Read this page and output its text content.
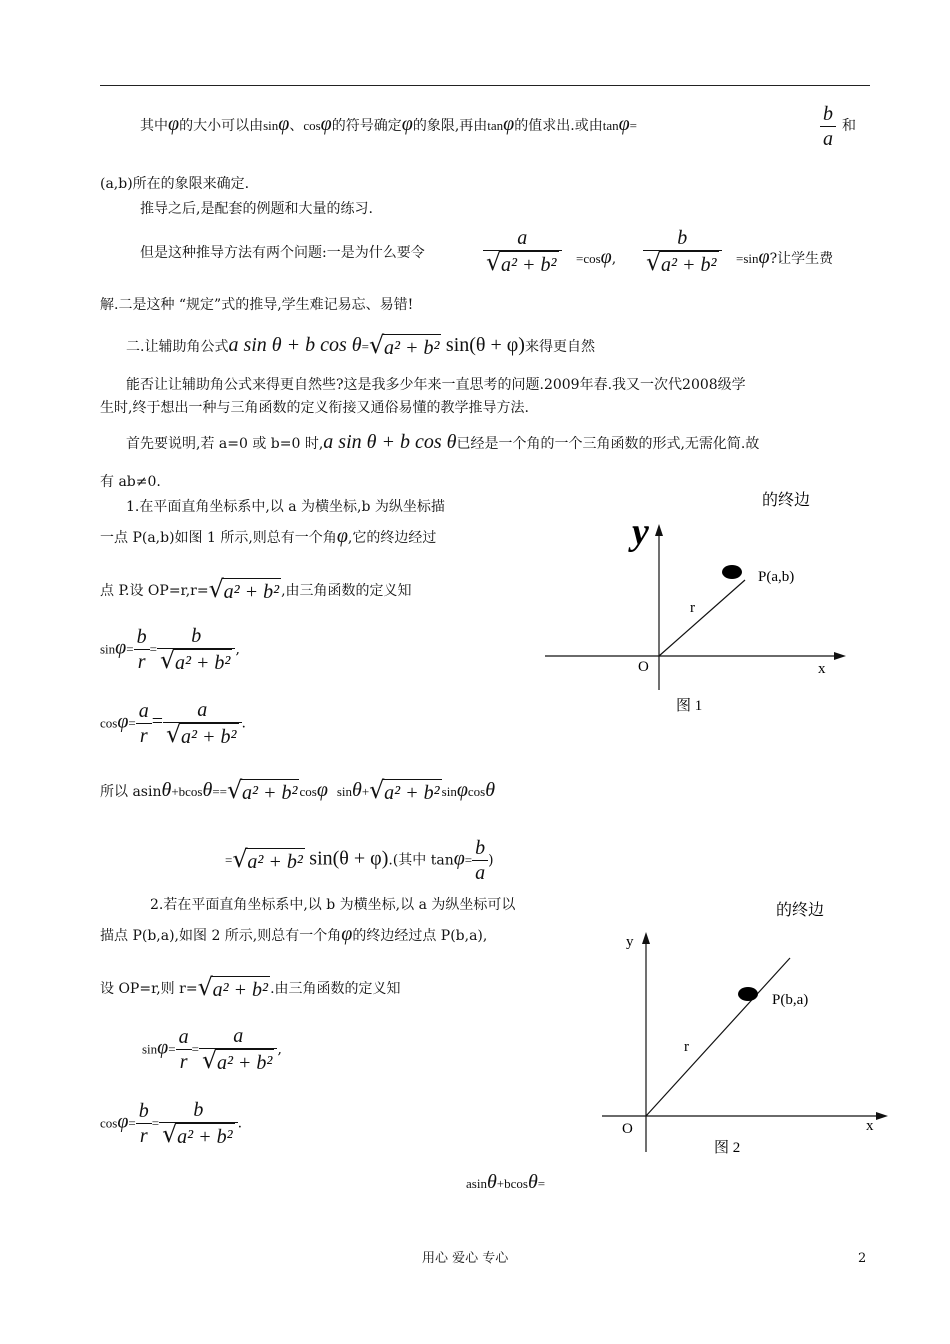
其中φ的大小可以由sinφ、cosφ的符号确定φ的象限,再由tanφ的值求出.或由tanφ=	$\frac{b}{a}$ 和
(a,b)所在的象限来确定.
推导之后,是配套的例题和大量的练习.
但是这种推导方法有两个问题:一是为什么要令	$\frac{a}{\text{√ a² + b²}} =\cos\varphi$, $\frac{b}{\text{√ a² + b²}} =\sin\varphi$?让学生费
解.二是这种 “规定”式的推导,学生难记易忘、易错!
二.让辅助角公式a sin θ + b cos θ= √ a² + b² sin(θ + φ)来得更自然
能否让让辅助角公式来得更自然些?这是我多少年来一直思考的问题.2009年春.我又一次代2008级学
生时,终于想出一种与三角函数的定义衔接又通俗易懂的教学推导方法.
首先要说明,若 a=0 或 b=0 时,a sin θ + b cos θ已经是一个角的一个三角函数的形式,无需化简.故
有 ab≠0.
1.在平面直角坐标系中,以 a 为横坐标,b 为纵坐标描
一点 P(a,b)如图 1 所示,则总有一个角φ,它的终边经过
点 P.设 OP=r,r= √ a² + b² ,由三角函数的定义知
$\sin\varphi= \frac{b}{r} = \frac{b}{\text{√ a² + b²}}$ ,
$\cos\varphi= \frac{a}{r} = \frac{a}{\text{√ a² + b²}}$ .
所以 asinθ+bcosθ== √ a² + b² cosφ sinθ+ √ a² + b² sinφcosθ
= √ a² + b² sin(θ + φ).(其中 $\tan\varphi= \frac{b}{a}$ )
2.若在平面直角坐标系中,以 b 为横坐标,以 a 为纵坐标可以
描点 P(b,a),如图 2 所示,则总有一个角φ的终边经过点 P(b,a),
设 OP=r,则 r= √ a² + b² .由三角函数的定义知
$\sin\varphi= \frac{a}{r} = \frac{a}{\text{√ a² + b²}}$ ,
$\cos\varphi= \frac{b}{r} = \frac{b}{\text{√ a² + b²}}$ .
asinθ+bcosθ=
的终边
y
P(a,b)
r
O	x
图 1
的终边
y
P(b,a)
r
O	x
图 2
用心 爱心 专心	2
